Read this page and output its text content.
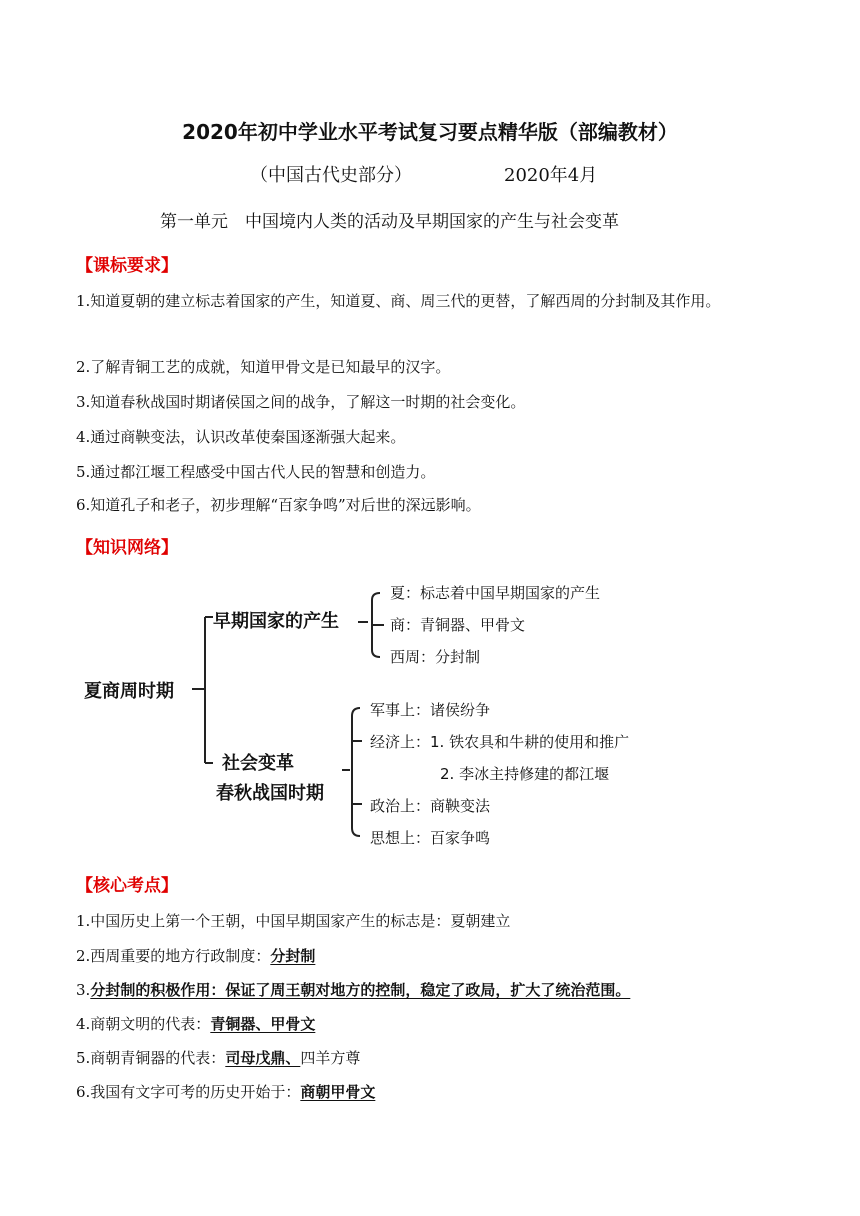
2020年初中学业水平考试复习要点精华版（部编教材）
（中国古代史部分）	2020年4月
第一单元　中国境内人类的活动及早期国家的产生与社会变革
【课标要求】
1.知道夏朝的建立标志着国家的产生，知道夏、商、周三代的更替，了解西周的分封制及其作用。
2.了解青铜工艺的成就，知道甲骨文是已知最早的汉字。
3.知道春秋战国时期诸侯国之间的战争，了解这一时期的社会变化。
4.通过商鞅变法，认识改革使秦国逐渐强大起来。
5.通过都江堰工程感受中国古代人民的智慧和创造力。
6.知道孔子和老子，初步理解“百家争鸣”对后世的深远影响。
【知识网络】
夏商周时期
早期国家的产生
社会变革
春秋战国时期
夏：标志着中国早期国家的产生
商：青铜器、甲骨文
西周：分封制
军事上：诸侯纷争
经济上：1. 铁农具和牛耕的使用和推广
2. 李冰主持修建的都江堰
政治上：商鞅变法
思想上：百家争鸣
【核心考点】
1.中国历史上第一个王朝，中国早期国家产生的标志是：夏朝建立
2.西周重要的地方行政制度：分封制
3.分封制的积极作用：保证了周王朝对地方的控制，稳定了政局，扩大了统治范围。
4.商朝文明的代表：青铜器、甲骨文
5.商朝青铜器的代表：司母戊鼎、四羊方尊
6.我国有文字可考的历史开始于：商朝甲骨文
